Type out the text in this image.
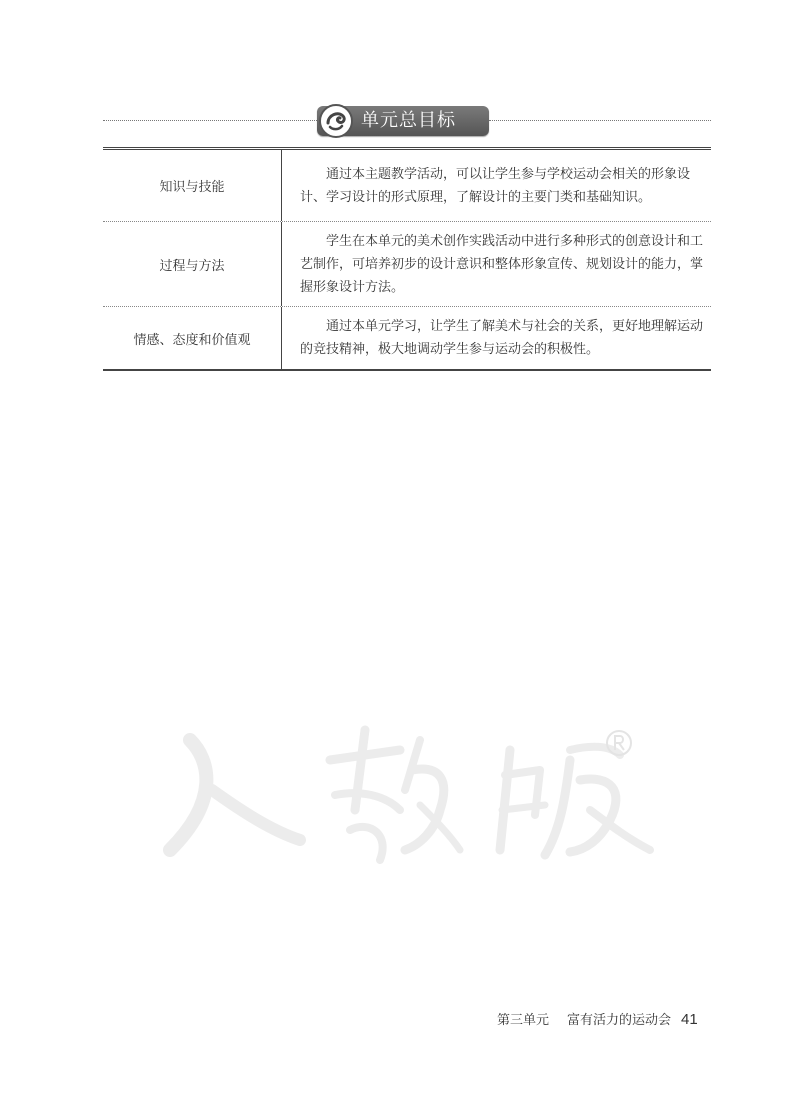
单元总目标
知识与技能
通过本主题教学活动，可以让学生参与学校运动会相关的形象设计、学习设计的形式原理，了解设计的主要门类和基础知识。
过程与方法
学生在本单元的美术创作实践活动中进行多种形式的创意设计和工艺制作，可培养初步的设计意识和整体形象宣传、规划设计的能力，掌握形象设计方法。
情感、态度和价值观
通过本单元学习，让学生了解美术与社会的关系，更好地理解运动的竞技精神，极大地调动学生参与运动会的积极性。
第三单元 富有活力的运动会 41
